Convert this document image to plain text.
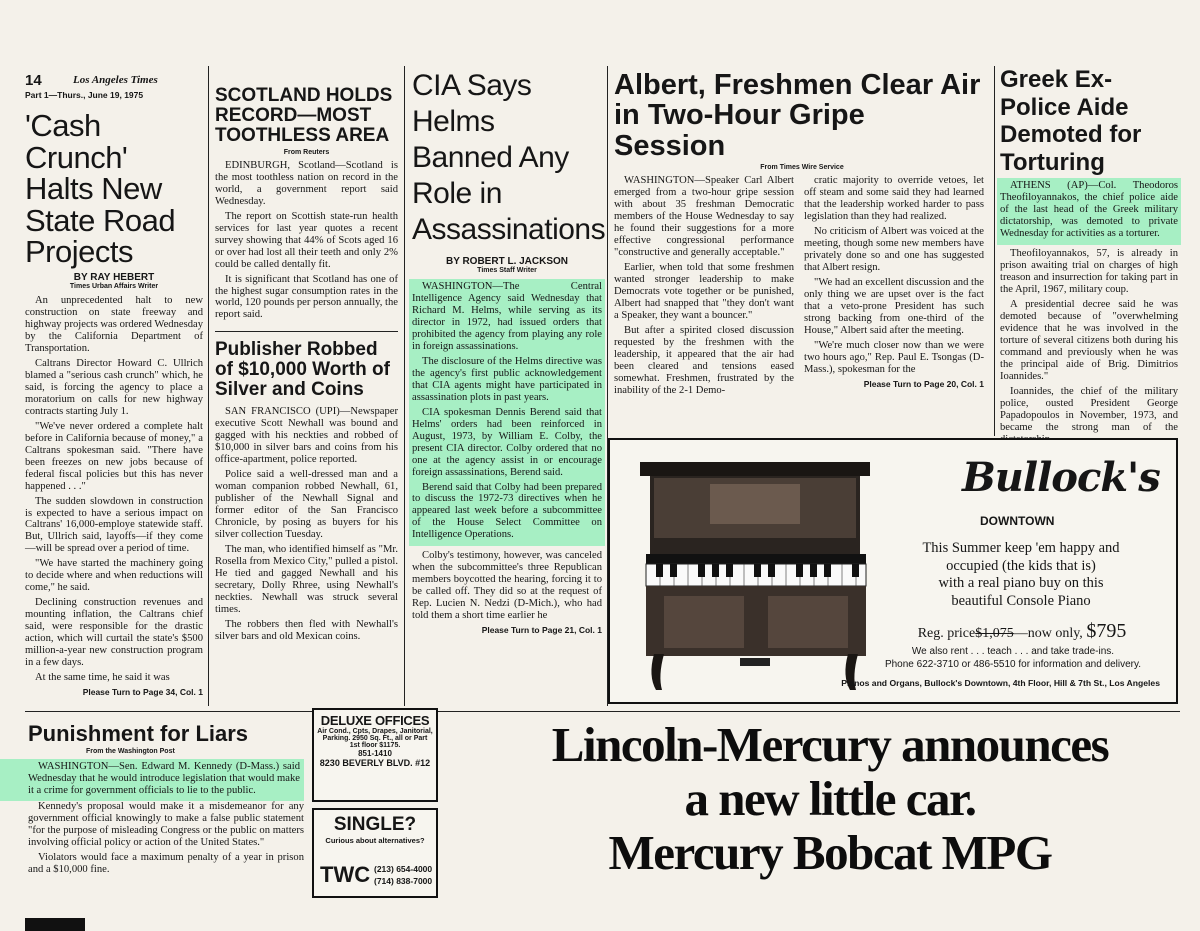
14	Los Angeles Times
Part 1—Thurs., June 19, 1975
'Cash Crunch' Halts New State Road Projects
BY RAY HEBERT
Times Urban Affairs Writer

An unprecedented halt to new construction on state freeway and highway projects was ordered Wednesday by the California Department of Transportation.

Caltrans Director Howard C. Ullrich blamed a "serious cash crunch" which, he said, is forcing the agency to place a moratorium on calls for new highway contracts starting July 1.

"We've never ordered a complete halt before in California because of money," a Caltrans spokesman said. "There have been freezes on new jobs because of federal fiscal policies but this has never happened . . ."

The sudden slowdown in construction is expected to have a serious impact on Caltrans' 16,000-employe statewide staff. But, Ullrich said, layoffs—if they come—will be spread over a period of time.

"We have started the machinery going to decide where and when reductions will come," he said.

Declining construction revenues and mounting inflation, the Caltrans chief said, were responsible for the drastic action, which will curtail the state's $500 million-a-year new construction program in a few days.

At the same time, he said it was

Please Turn to Page 34, Col. 1
SCOTLAND HOLDS RECORD—MOST TOOTHLESS AREA
From Reuters

EDINBURGH, Scotland—Scotland is the most toothless nation on record in the world, a government report said Wednesday.

The report on Scottish state-run health services for last year quotes a recent survey showing that 44% of Scots aged 16 or over had lost all their teeth and only 2% could be called dentally fit.

It is significant that Scotland has one of the highest sugar consumption rates in the world, 120 pounds per person annually, the report said.

Publisher Robbed of $10,000 Worth of Silver and Coins

SAN FRANCISCO (UPI)—Newspaper executive Scott Newhall was bound and gagged with his neckties and robbed of $10,000 in silver bars and coins from his office-apartment, police reported.

Police said a well-dressed man and a woman companion robbed Newhall, 61, publisher of the Newhall Signal and former editor of the San Francisco Chronicle, by posing as buyers for his silver collection Tuesday.

The man, who identified himself as "Mr. Rosella from Mexico City," pulled a pistol. He tied and gagged Newhall and his secretary, Dolly Rhree, using Newhall's neckties. Newhall was struck several times.

The robbers then fled with Newhall's silver bars and old Mexican coins.

CIA Says Helms Banned Any Role in Assassinations
BY ROBERT L. JACKSON
Times Staff Writer

WASHINGTON—The Central Intelligence Agency said Wednesday that Richard M. Helms, while serving as its director in 1972, had issued orders that prohibited the agency from playing any role in foreign assassinations.

The disclosure of the Helms directive was the agency's first public acknowledgement that CIA agents might have participated in assassination plots in past years.

CIA spokesman Dennis Berend said that Helms' orders had been reinforced in August, 1973, by William E. Colby, the present CIA director. Colby ordered that no one at the agency assist in or encourage foreign assassinations, Berend said.

Berend said that Colby had been prepared to discuss the 1972-73 directives when he appeared last week before a subcommittee of the House Select Committee on Intelligence Operations.

Colby's testimony, however, was canceled when the subcommittee's three Republican members boycotted the hearing, forcing it to be called off. They did so at the request of Rep. Lucien N. Nedzi (D-Mich.), who had told them a short time earlier he

Please Turn to Page 21, Col. 1
Albert, Freshmen Clear Air in Two-Hour Gripe Session
From Times Wire Service

WASHINGTON—Speaker Carl Albert emerged from a two-hour gripe session with about 35 freshman Democratic members of the House Wednesday to say he found their suggestions for a more effective congressional performance "constructive and generally acceptable."

Earlier, when told that some freshmen wanted stronger leadership to make Democrats vote together or be punished, Albert had snapped that "they don't want a Speaker, they want a bouncer."

But after a spirited closed discussion requested by the freshmen with the leadership, it appeared that the air had been cleared and tensions eased somewhat. Freshmen, frustrated by the inability of the 2-1 Demo-

cratic majority to override vetoes, let off steam and some said they had learned that the leadership worked harder to pass legislation than they had realized.

No criticism of Albert was voiced at the meeting, though some new members have privately done so and one has suggested that Albert resign.

"We had an excellent discussion and the only thing we are upset over is the fact that a veto-prone President has such strong backing from one-third of the House," Albert said after the meeting.

"We're much closer now than we were two hours ago," Rep. Paul E. Tsongas (D-Mass.), spokesman for the

Please Turn to Page 20, Col. 1
Greek Ex-Police Aide Demoted for Torturing

ATHENS (AP)—Col. Theodoros Theofiloyannakos, the chief police aide of the last head of the Greek military dictatorship, was demoted to private Wednesday for activities as a torturer.

Theofiloyannakos, 57, is already in prison awaiting trial on charges of high treason and insurrection for taking part in the April, 1967, military coup.

A presidential decree said he was demoted because of "overwhelming evidence that he was involved in the torture of several citizens both during his command and previously when he was the principal aide of Brig. Dimitrios Ioannides."

Ioannides, the chief of the military police, ousted President George Papadopoulos in November, 1973, and became the strong man of the

Bullock's
DOWNTOWN
This Summer keep 'em happy and
occupied (the kids that is)
with a real piano buy on this
beautiful Console Piano
Reg. price$1,075—now only, $795
We also rent . . . teach . . . and take trade-ins.
Phone 622-3710 or 486-5510 for information and delivery.
Pianos and Organs, Bullock's Downtown, 4th Floor, Hill & 7th St., Los Angeles
Punishment for Liars
From the Washington Post

WASHINGTON—Sen. Edward M. Kennedy (D-Mass.) said Wednesday that he would introduce legislation that would make it a crime for government officials to lie to the public.

Kennedy's proposal would make it a misdemeanor for any government official knowingly to make a false public statement "for the purpose of misleading Congress or the public on matters involving official policy or action of the United States."

Violators would face a maximum penalty of a year in prison and a $10,000 fine.

DELUXE OFFICES
Air Cond., Cpts, Drapes, Janitorial,
Parking. 2950 Sq. Ft., all or Part
1st floor $1175.
851-1410
8230 BEVERLY BLVD. #12
SINGLE?
Curious about alternatives?
TWC (213) 654-4000
(714) 838-7000
Lincoln-Mercury announces
a new little car.
Mercury Bobcat MPG
